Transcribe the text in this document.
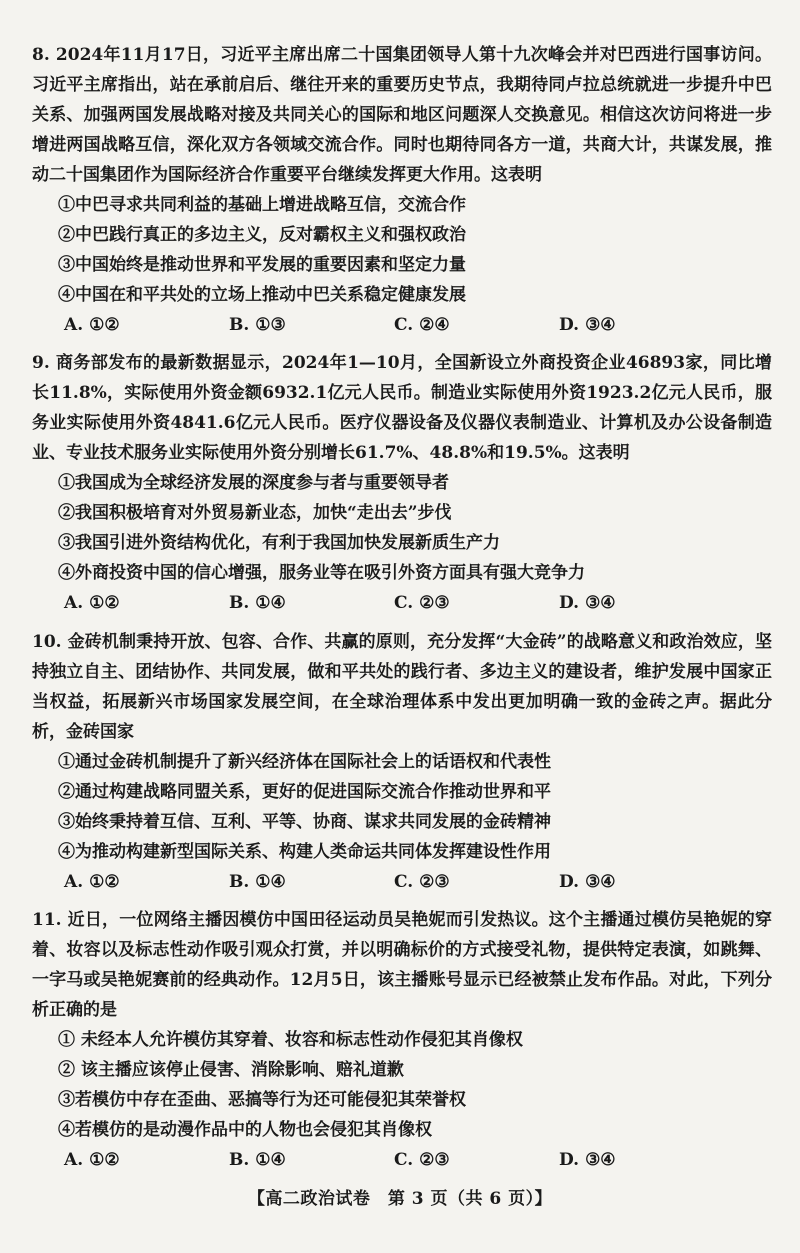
8. 2024年11月17日，习近平主席出席二十国集团领导人第十九次峰会并对巴西进行国事访问。习近平主席指出，站在承前启后、继往开来的重要历史节点，我期待同卢拉总统就进一步提升中巴关系、加强两国发展战略对接及共同关心的国际和地区问题深人交换意见。相信这次访问将进一步增进两国战略互信，深化双方各领域交流合作。同时也期待同各方一道，共商大计，共谋发展，推动二十国集团作为国际经济合作重要平台继续发挥更大作用。这表明

①中巴寻求共同利益的基础上增进战略互信，交流合作

②中巴践行真正的多边主义，反对霸权主义和强权政治

③中国始终是推动世界和平发展的重要因素和坚定力量

④中国在和平共处的立场上推动中巴关系稳定健康发展

A. ①②	B. ①③	C. ②④	D. ③④

9. 商务部发布的最新数据显示，2024年1—10月，全国新设立外商投资企业46893家，同比增长11.8%，实际使用外资金额6932.1亿元人民币。制造业实际使用外资1923.2亿元人民币，服务业实际使用外资4841.6亿元人民币。医疗仪器设备及仪器仪表制造业、计算机及办公设备制造业、专业技术服务业实际使用外资分别增长61.7%、48.8%和19.5%。这表明

①我国成为全球经济发展的深度参与者与重要领导者

②我国积极培育对外贸易新业态，加快“走出去”步伐

③我国引进外资结构优化，有利于我国加快发展新质生产力

④外商投资中国的信心增强，服务业等在吸引外资方面具有强大竞争力

A. ①②	B. ①④	C. ②③	D. ③④

10. 金砖机制秉持开放、包容、合作、共赢的原则，充分发挥“大金砖”的战略意义和政治效应，坚持独立自主、团结协作、共同发展，做和平共处的践行者、多边主义的建设者，维护发展中国家正当权益，拓展新兴市场国家发展空间，在全球治理体系中发出更加明确一致的金砖之声。据此分析，金砖国家

①通过金砖机制提升了新兴经济体在国际社会上的话语权和代表性

②通过构建战略同盟关系，更好的促进国际交流合作推动世界和平

③始终秉持着互信、互利、平等、协商、谋求共同发展的金砖精神

④为推动构建新型国际关系、构建人类命运共同体发挥建设性作用

A. ①②	B. ①④	C. ②③	D. ③④

11. 近日，一位网络主播因模仿中国田径运动员吴艳妮而引发热议。这个主播通过模仿吴艳妮的穿着、妆容以及标志性动作吸引观众打赏，并以明确标价的方式接受礼物，提供特定表演，如跳舞、一字马或吴艳妮赛前的经典动作。12月5日，该主播账号显示已经被禁止发布作品。对此，下列分析正确的是

① 未经本人允许模仿其穿着、妆容和标志性动作侵犯其肖像权

② 该主播应该停止侵害、消除影响、赔礼道歉

③若模仿中存在歪曲、恶搞等行为还可能侵犯其荣誉权

④若模仿的是动漫作品中的人物也会侵犯其肖像权

A. ①②	B. ①④	C. ②③	D. ③④
【高二政治试卷　第 3 页（共 6 页）】
